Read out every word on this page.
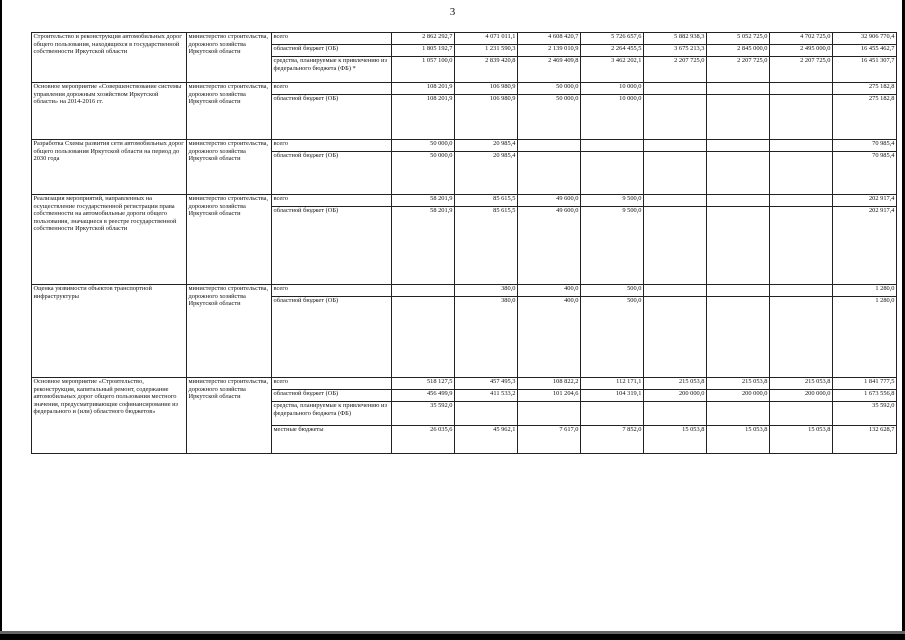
3
Строительство и реконструкция автомобильных дорог общего пользования, находящихся в государственной собственности Иркутской области	министерство строительства, дорожного хозяйства Иркутской области	всего	2 862 292,7	4 071 011,1	4 608 420,7	5 726 657,6	5 882 938,3	5 052 725,0	4 702 725,0	32 906 770,4
		областной бюджет (ОБ)	1 805 192,7	1 231 590,3	2 139 010,9	2 264 455,5	3 675 213,3	2 845 000,0	2 495 000,0	16 455 462,7
		средства, планируемые к привлечению из федерального бюджета (ФБ) *	1 057 100,0	2 839 420,8	2 469 409,8	3 462 202,1	2 207 725,0	2 207 725,0	2 207 725,0	16 451 307,7
Основное мероприятие «Совершенствование системы управления дорожным хозяйством Иркутской области» на 2014-2016 гг.	министерство строительства, дорожного хозяйства Иркутской области	всего	108 201,9	106 980,9	50 000,0	10 000,0				275 182,8
		областной бюджет (ОБ)	108 201,9	106 980,9	50 000,0	10 000,0				275 182,8
Разработка Схемы развития сети автомобильных дорог общего пользования Иркутской области на период до 2030 года	министерство строительства, дорожного хозяйства Иркутской области	всего	50 000,0	20 985,4						70 985,4
		областной бюджет (ОБ)	50 000,0	20 985,4						70 985,4
Реализация мероприятий, направленных на осуществление государственной регистрации права собственности на автомобильные дороги общего пользования, значащиеся в реестре государственной собственности Иркутской области	министерство строительства, дорожного хозяйства Иркутской области	всего	58 201,9	85 615,5	49 600,0	9 500,0				202 917,4
		областной бюджет (ОБ)	58 201,9	85 615,5	49 600,0	9 500,0				202 917,4
Оценка уязвимости объектов транспортной инфраструктуры	министерство строительства, дорожного хозяйства Иркутской области	всего		380,0	400,0	500,0				1 280,0
		областной бюджет (ОБ)		380,0	400,0	500,0				1 280,0
Основное мероприятие «Строительство, реконструкция, капитальный ремонт, содержание автомобильных дорог общего пользования местного значения, предусматривающие софинансирование из федерального и (или) областного бюджетов»	министерство строительства, дорожного хозяйства Иркутской области	всего	518 127,5	457 495,3	108 822,2	112 171,1	215 053,8	215 053,8	215 053,8	1 841 777,5
		областной бюджет (ОБ)	456 499,9	411 533,2	101 204,6	104 319,1	200 000,0	200 000,0	200 000,0	1 673 556,8
		средства, планируемые к привлечению из федерального бюджета (ФБ)	35 592,0							35 592,0
		местные бюджеты	26 035,6	45 962,1	7 617,0	7 852,0	15 053,8	15 053,8	15 053,8	132 628,7
